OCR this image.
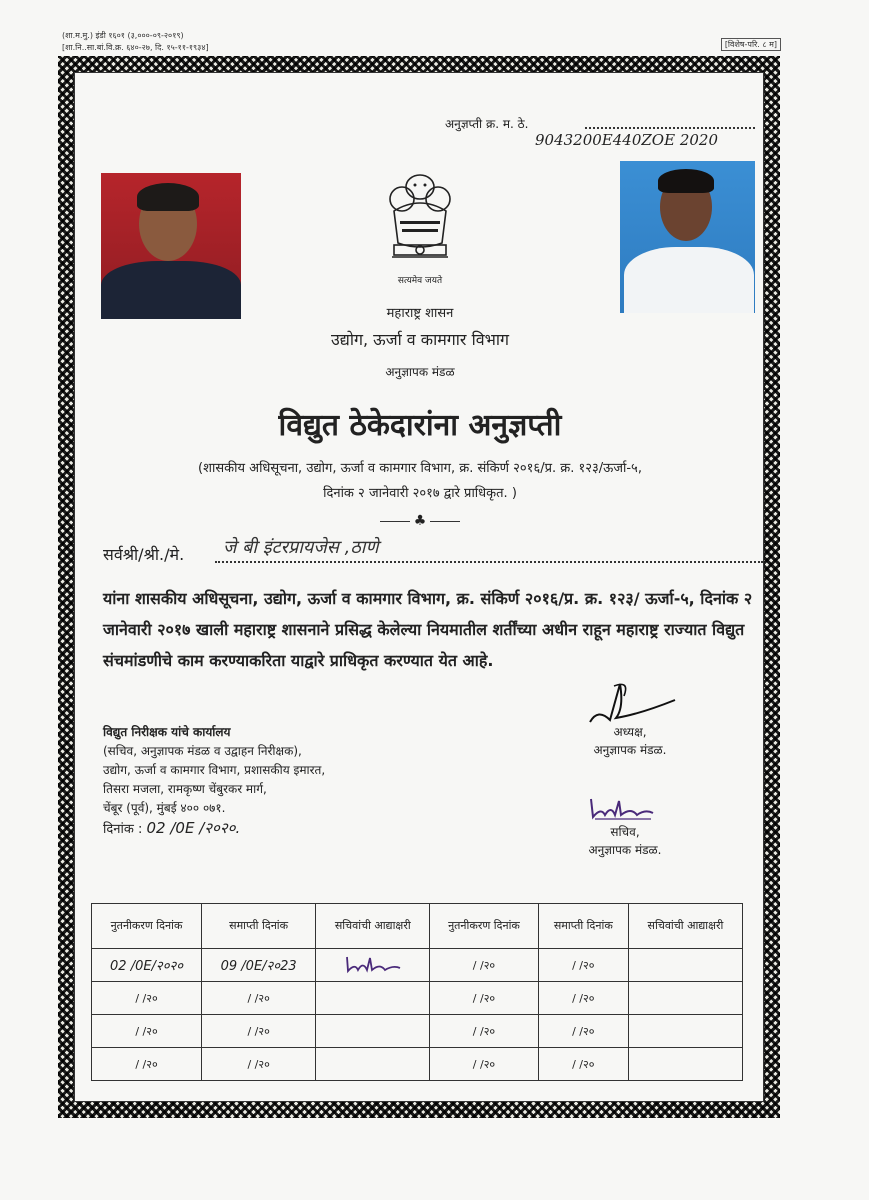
(शा.म.मु.) इंडी १६०१ (३,०००-०९-२०१९)
[शा.नि..सा.बां.वि.क्र. ६४०-२७, दि. १५-११-१९३४]	[विशेष-परि. ८ म]
अनुज्ञप्ती क्र. म. ठे.
9043200E440ZOE 2020
सत्यमेव जयते
महाराष्ट्र शासन
उद्योग, ऊर्जा व कामगार विभाग
अनुज्ञापक मंडळ
विद्युत ठेकेदारांना अनुज्ञप्ती
(शासकीय अधिसूचना, उद्योग, ऊर्जा व कामगार विभाग, क्र. संकिर्ण २०१६/प्र. क्र. १२३/ऊर्जा-५,
दिनांक २ जानेवारी २०१७ द्वारे प्राधिकृत. )
♣
सर्वश्री/श्री./मे. जे बी इंटरप्रायजेस ,ठाणे
यांना शासकीय अधिसूचना, उद्योग, ऊर्जा व कामगार विभाग, क्र. संकिर्ण २०१६/प्र. क्र. १२३/ ऊर्जा-५, दिनांक २ जानेवारी २०१७ खाली महाराष्ट्र शासनाने प्रसिद्ध केलेल्या नियमातील शर्तींच्या अधीन राहून महाराष्ट्र राज्यात विद्युत संचमांडणीचे काम करण्याकरिता याद्वारे प्राधिकृत करण्यात येत आहे.
अध्यक्ष,
अनुज्ञापक मंडळ.
विद्युत निरीक्षक यांचे कार्यालय
(सचिव, अनुज्ञापक मंडळ व उद्वाहन निरीक्षक),
उद्योग, ऊर्जा व कामगार विभाग, प्रशासकीय इमारत,
तिसरा मजला, रामकृष्ण चेंबुरकर मार्ग,
चेंबूर (पूर्व), मुंबई ४०० ०७१.
दिनांक : 02 /0E /२०२०.	सचिव,
अनुज्ञापक मंडळ.
नुतनीकरण दिनांक	समाप्ती दिनांक	सचिवांची आद्याक्षरी	नुतनीकरण दिनांक	समाप्ती दिनांक	सचिवांची आद्याक्षरी
02 /0E/२०२०	09 /0E/२०23		/ /२०	/ /२०	
/ /२०	/ /२०		/ /२०	/ /२०	
/ /२०	/ /२०		/ /२०	/ /२०	
/ /२०	/ /२०		/ /२०	/ /२०	
